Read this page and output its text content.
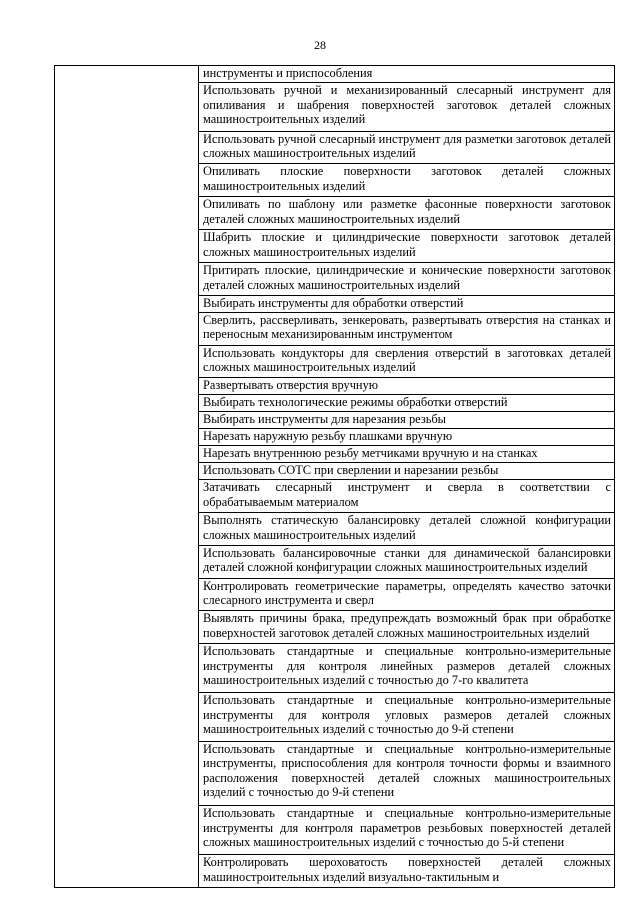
28

инструменты и приспособления

Использовать ручной и механизированный слесарный инструмент для опиливания и шабрения поверхностей заготовок деталей сложных машиностроительных изделий

Использовать ручной слесарный инструмент для разметки заготовок деталей сложных машиностроительных изделий

Опиливать плоские поверхности заготовок деталей сложных машиностроительных изделий

Опиливать по шаблону или разметке фасонные поверхности заготовок деталей сложных машиностроительных изделий

Шабрить плоские и цилиндрические поверхности заготовок деталей сложных машиностроительных изделий

Притирать плоские, цилиндрические и конические поверхности заготовок деталей сложных машиностроительных изделий

Выбирать инструменты для обработки отверстий

Сверлить, рассверливать, зенкеровать, развертывать отверстия на станках и переносным механизированным инструментом

Использовать кондукторы для сверления отверстий в заготовках деталей сложных машиностроительных изделий

Развертывать отверстия вручную

Выбирать технологические режимы обработки отверстий

Выбирать инструменты для нарезания резьбы

Нарезать наружную резьбу плашками вручную

Нарезать внутреннюю резьбу метчиками вручную и на станках

Использовать СОТС при сверлении и нарезании резьбы

Затачивать слесарный инструмент и сверла в соответствии с обрабатываемым материалом

Выполнять статическую балансировку деталей сложной конфигурации сложных машиностроительных изделий

Использовать балансировочные станки для динамической балансировки деталей сложной конфигурации сложных машиностроительных изделий

Контролировать геометрические параметры, определять качество заточки слесарного инструмента и сверл

Выявлять причины брака, предупреждать возможный брак при обработке поверхностей заготовок деталей сложных машиностроительных изделий

Использовать стандартные и специальные контрольно-измерительные инструменты для контроля линейных размеров деталей сложных машиностроительных изделий с точностью до 7-го квалитета

Использовать стандартные и специальные контрольно-измерительные инструменты для контроля угловых размеров деталей сложных машиностроительных изделий с точностью до 9-й степени

Использовать стандартные и специальные контрольно-измерительные инструменты, приспособления для контроля точности формы и взаимного расположения поверхностей деталей сложных машиностроительных изделий с точностью до 9-й степени

Использовать стандартные и специальные контрольно-измерительные инструменты для контроля параметров резьбовых поверхностей деталей сложных машиностроительных изделий с точностью до 5-й степени

Контролировать шероховатость поверхностей деталей сложных машиностроительных изделий визуально-тактильным и
